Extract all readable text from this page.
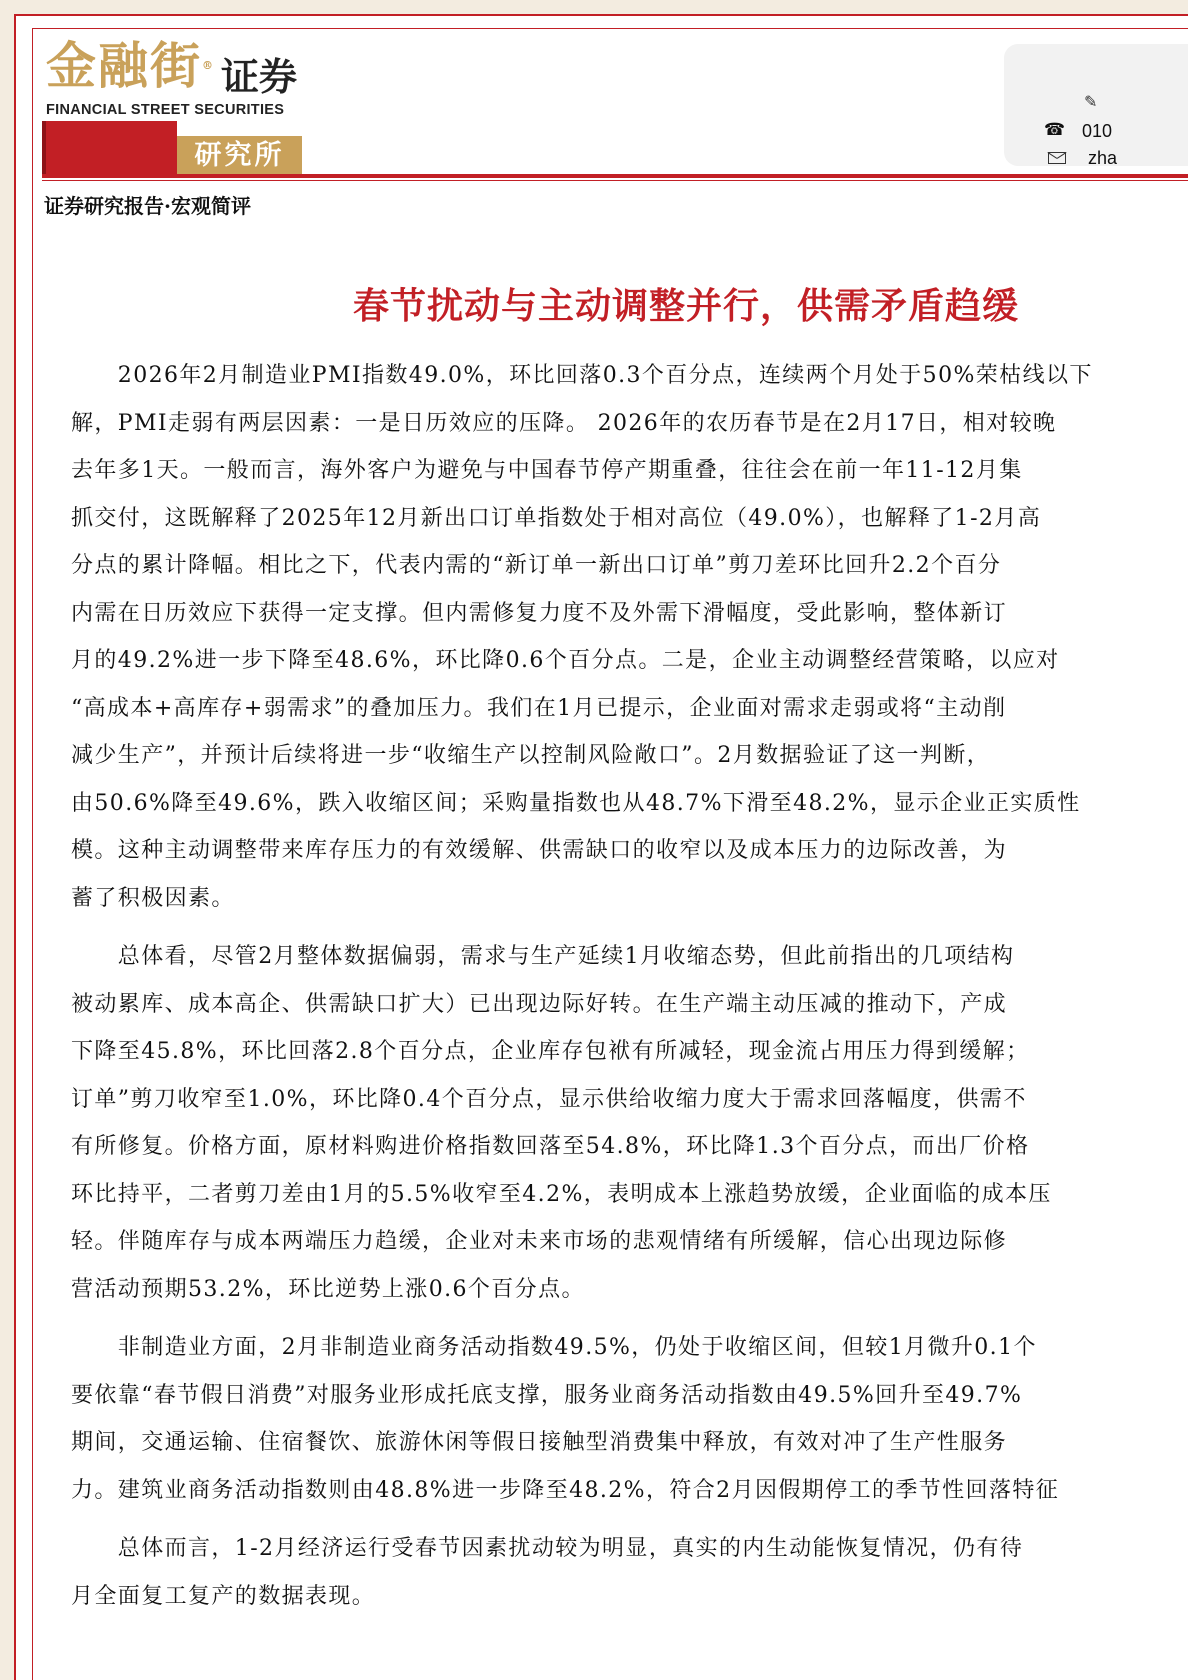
金融街® 证券
FINANCIAL STREET SECURITIES
研究所
✎
☎ 010
zha
证券研究报告·宏观简评
春节扰动与主动调整并行，供需矛盾趋缓
　　2026年2月制造业PMI指数49.0%，环比回落0.3个百分点，连续两个月处于50%荣枯线以下
解，PMI走弱有两层因素：一是日历效应的压降。 2026年的农历春节是在2月17日，相对较晚
去年多1天。一般而言，海外客户为避免与中国春节停产期重叠，往往会在前一年11-12月集
抓交付，这既解释了2025年12月新出口订单指数处于相对高位（49.0%），也解释了1-2月高
分点的累计降幅。相比之下，代表内需的“新订单一新出口订单”剪刀差环比回升2.2个百分
内需在日历效应下获得一定支撑。但内需修复力度不及外需下滑幅度，受此影响，整体新订
月的49.2%进一步下降至48.6%，环比降0.6个百分点。二是，企业主动调整经营策略，以应对
“高成本+高库存+弱需求”的叠加压力。我们在1月已提示，企业面对需求走弱或将“主动削
减少生产”，并预计后续将进一步“收缩生产以控制风险敞口”。2月数据验证了这一判断，
由50.6%降至49.6%，跌入收缩区间；采购量指数也从48.7%下滑至48.2%，显示企业正实质性
模。这种主动调整带来库存压力的有效缓解、供需缺口的收窄以及成本压力的边际改善，为
蓄了积极因素。
　　总体看，尽管2月整体数据偏弱，需求与生产延续1月收缩态势，但此前指出的几项结构
被动累库、成本高企、供需缺口扩大）已出现边际好转。在生产端主动压减的推动下，产成
下降至45.8%，环比回落2.8个百分点，企业库存包袱有所减轻，现金流占用压力得到缓解；
订单”剪刀收窄至1.0%，环比降0.4个百分点，显示供给收缩力度大于需求回落幅度，供需不
有所修复。价格方面，原材料购进价格指数回落至54.8%，环比降1.3个百分点，而出厂价格
环比持平，二者剪刀差由1月的5.5%收窄至4.2%，表明成本上涨趋势放缓，企业面临的成本压
轻。伴随库存与成本两端压力趋缓，企业对未来市场的悲观情绪有所缓解，信心出现边际修
营活动预期53.2%，环比逆势上涨0.6个百分点。
　　非制造业方面，2月非制造业商务活动指数49.5%，仍处于收缩区间，但较1月微升0.1个
要依靠“春节假日消费”对服务业形成托底支撑，服务业商务活动指数由49.5%回升至49.7%
期间，交通运输、住宿餐饮、旅游休闲等假日接触型消费集中释放，有效对冲了生产性服务
力。建筑业商务活动指数则由48.8%进一步降至48.2%，符合2月因假期停工的季节性回落特征
　　总体而言，1-2月经济运行受春节因素扰动较为明显，真实的内生动能恢复情况，仍有待
月全面复工复产的数据表现。
